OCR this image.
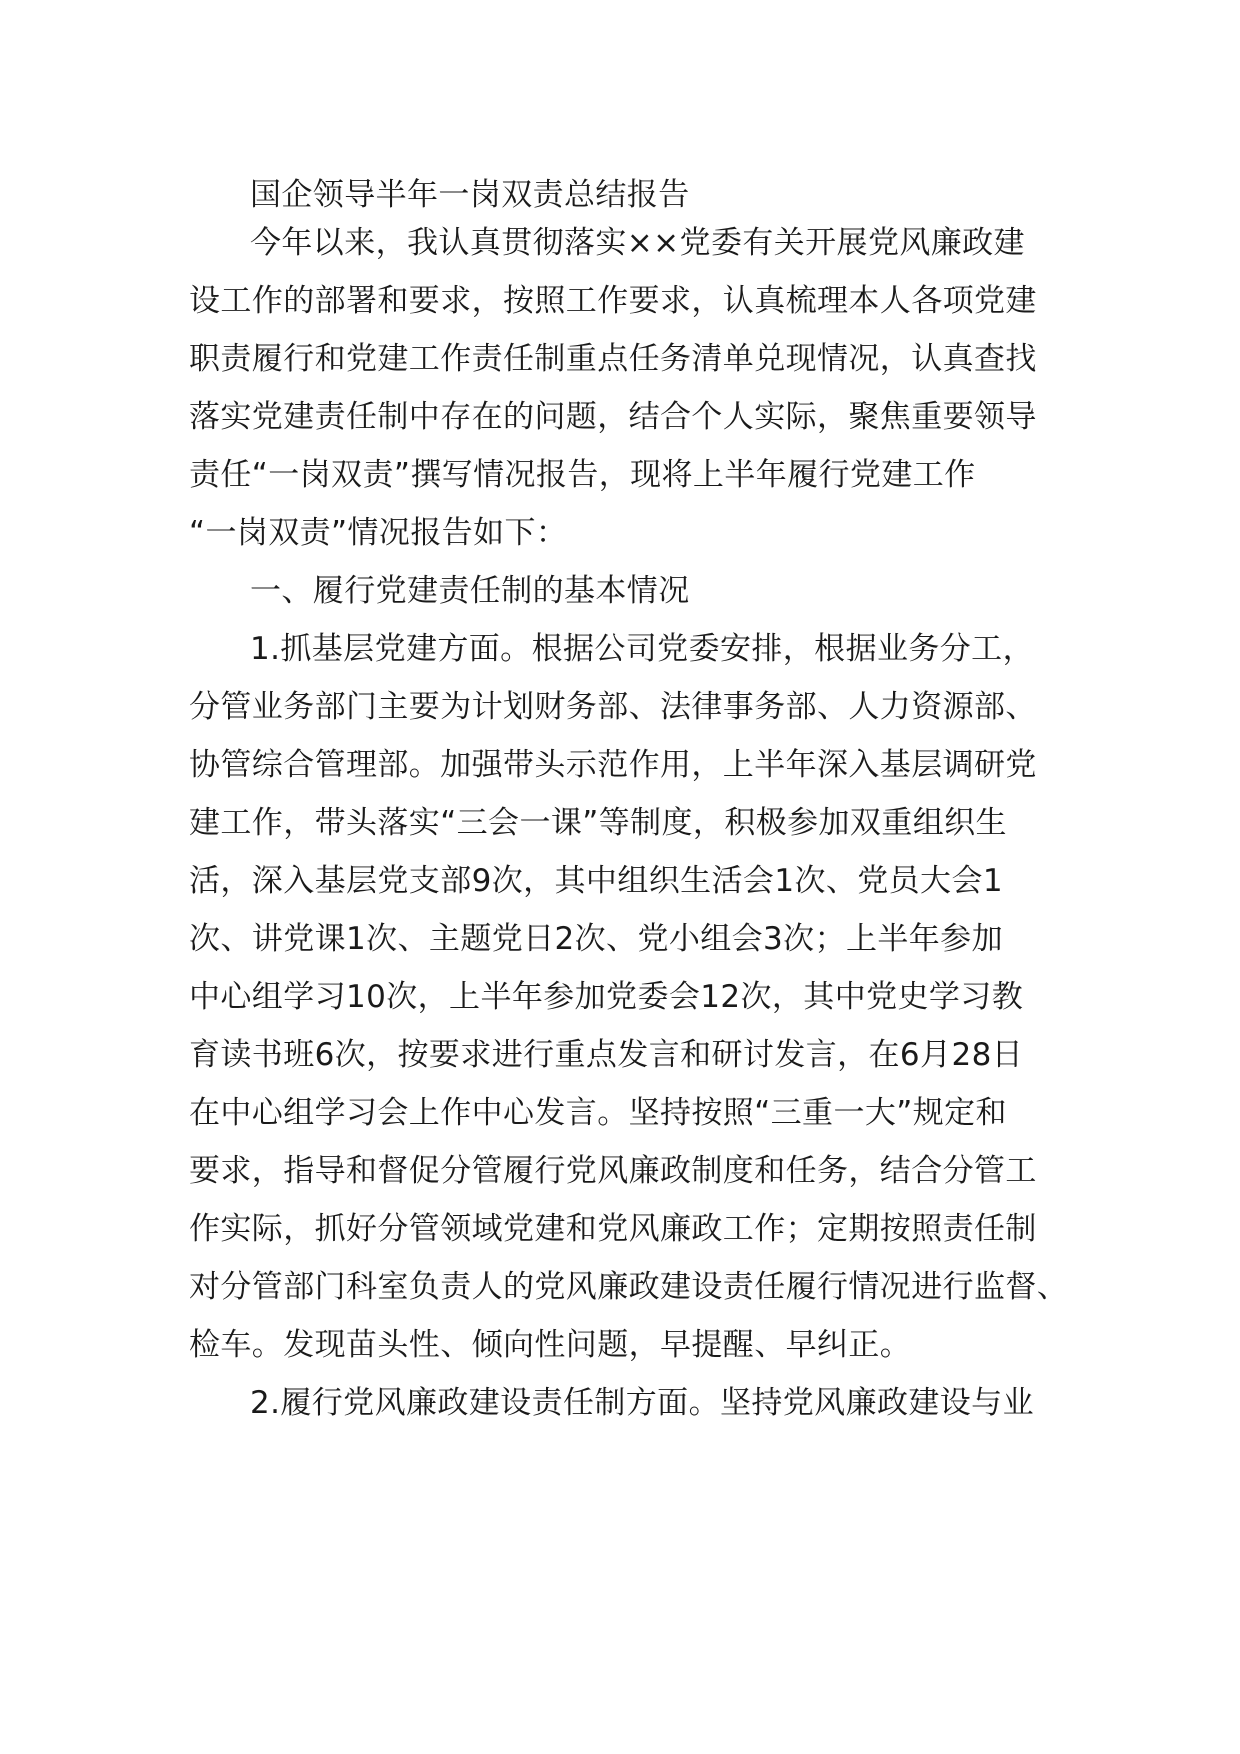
国企领导半年一岗双责总结报告
今年以来，我认真贯彻落实××党委有关开展党风廉政建
设工作的部署和要求，按照工作要求，认真梳理本人各项党建
职责履行和党建工作责任制重点任务清单兑现情况，认真查找
落实党建责任制中存在的问题，结合个人实际，聚焦重要领导
责任“一岗双责”撰写情况报告，现将上半年履行党建工作
“一岗双责”情况报告如下：
一、履行党建责任制的基本情况
1.抓基层党建方面。根据公司党委安排，根据业务分工，
分管业务部门主要为计划财务部、法律事务部、人力资源部、
协管综合管理部。加强带头示范作用，上半年深入基层调研党
建工作，带头落实“三会一课”等制度，积极参加双重组织生
活，深入基层党支部9次，其中组织生活会1次、党员大会1
次、讲党课1次、主题党日2次、党小组会3次；上半年参加
中心组学习10次，上半年参加党委会12次，其中党史学习教
育读书班6次，按要求进行重点发言和研讨发言，在6月28日
在中心组学习会上作中心发言。坚持按照“三重一大”规定和
要求，指导和督促分管履行党风廉政制度和任务，结合分管工
作实际，抓好分管领域党建和党风廉政工作；定期按照责任制
对分管部门科室负责人的党风廉政建设责任履行情况进行监督、
检车。发现苗头性、倾向性问题，早提醒、早纠正。
2.履行党风廉政建设责任制方面。坚持党风廉政建设与业
